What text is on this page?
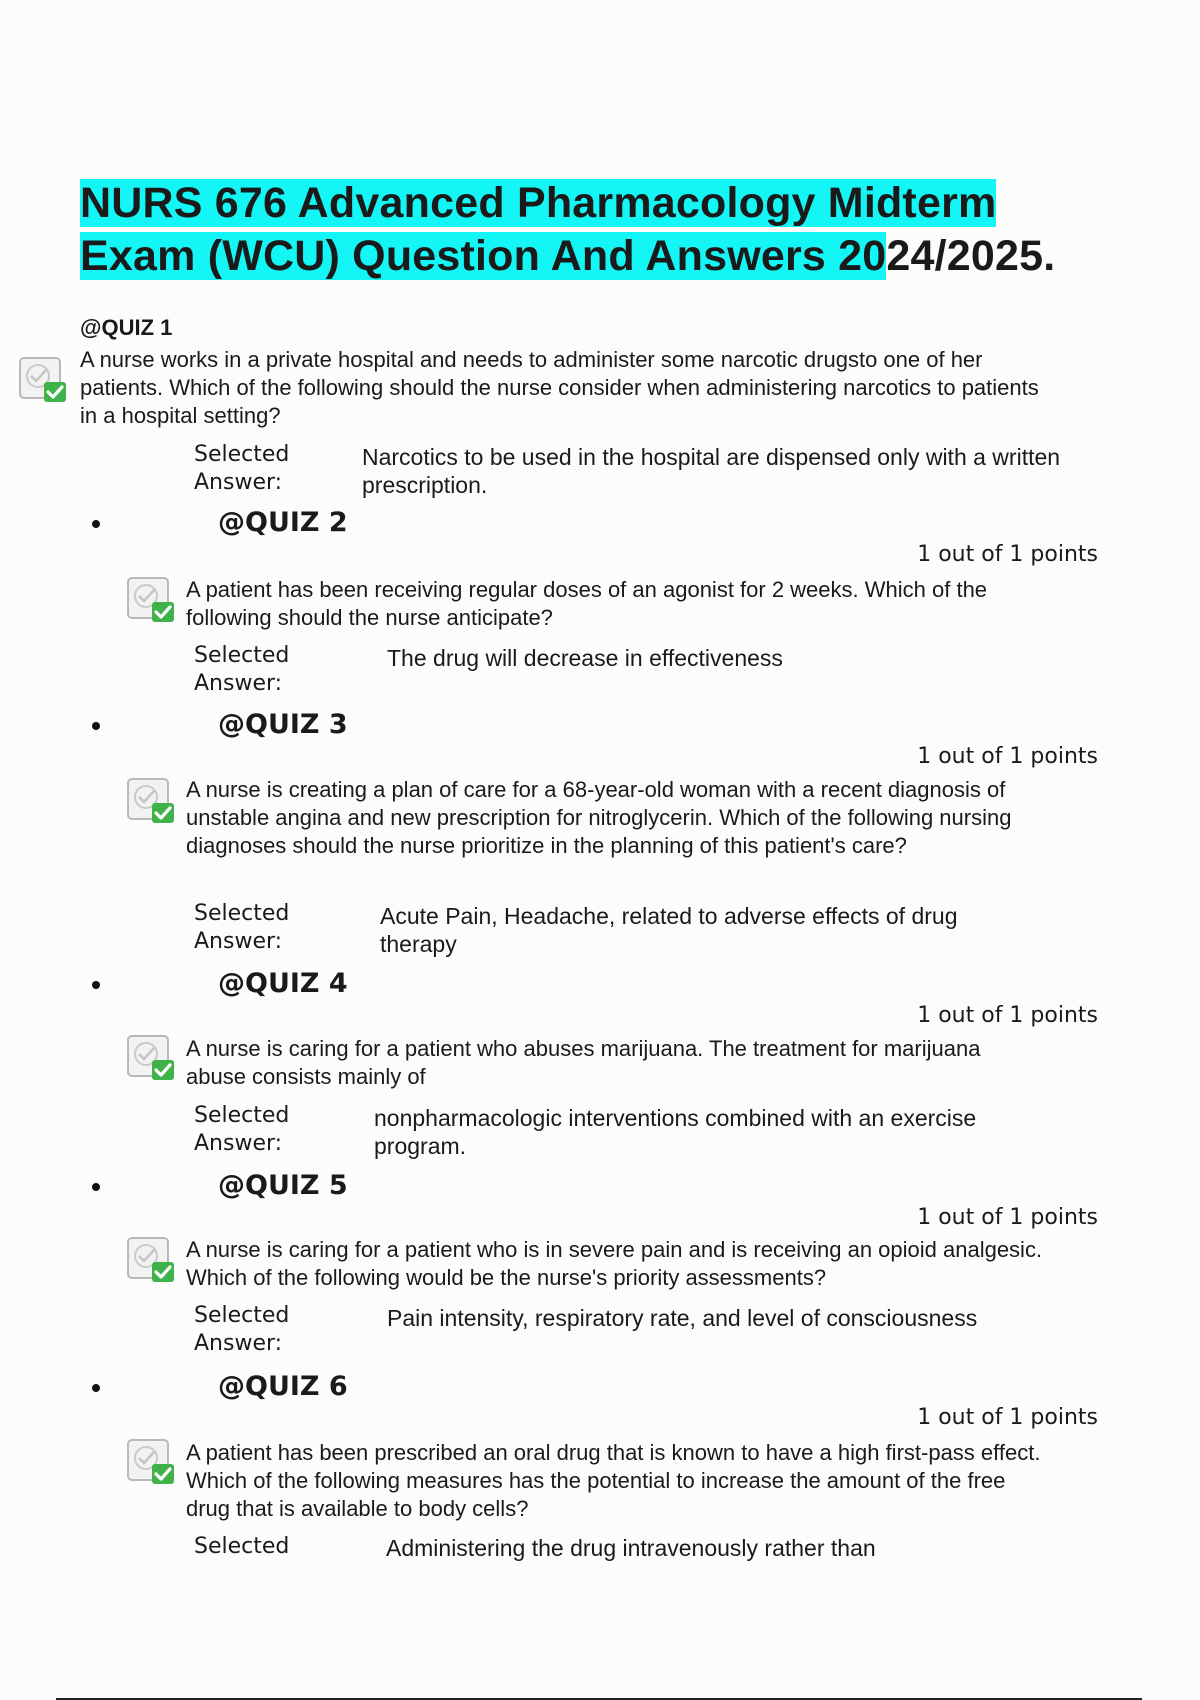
NURS 676 Advanced Pharmacology Midterm Exam (WCU) Question And Answers 2024/2025.
@QUIZ 1
A nurse works in a private hospital and needs to administer some narcotic drugsto one of her patients. Which of the following should the nurse consider when administering narcotics to patients in a hospital setting?
Selected
Answer:
Narcotics to be used in the hospital are dispensed only with a written prescription.
@QUIZ 2
1 out of 1 points
A patient has been receiving regular doses of an agonist for 2 weeks. Which of the following should the nurse anticipate?
Selected
Answer:
The drug will decrease in effectiveness
@QUIZ 3
1 out of 1 points
A nurse is creating a plan of care for a 68-year-old woman with a recent diagnosis of unstable angina and new prescription for nitroglycerin. Which of the following nursing diagnoses should the nurse prioritize in the planning of this patient's care?
Selected
Answer:
Acute Pain, Headache, related to adverse effects of drug therapy
@QUIZ 4
1 out of 1 points
A nurse is caring for a patient who abuses marijuana. The treatment for marijuana abuse consists mainly of
Selected
Answer:
nonpharmacologic interventions combined with an exercise program.
@QUIZ 5
1 out of 1 points
A nurse is caring for a patient who is in severe pain and is receiving an opioid analgesic. Which of the following would be the nurse's priority assessments?
Selected
Answer:
Pain intensity, respiratory rate, and level of consciousness
@QUIZ 6
1 out of 1 points
A patient has been prescribed an oral drug that is known to have a high first-pass effect. Which of the following measures has the potential to increase the amount of the free drug that is available to body cells?
Selected	Administering the drug intravenously rather than
